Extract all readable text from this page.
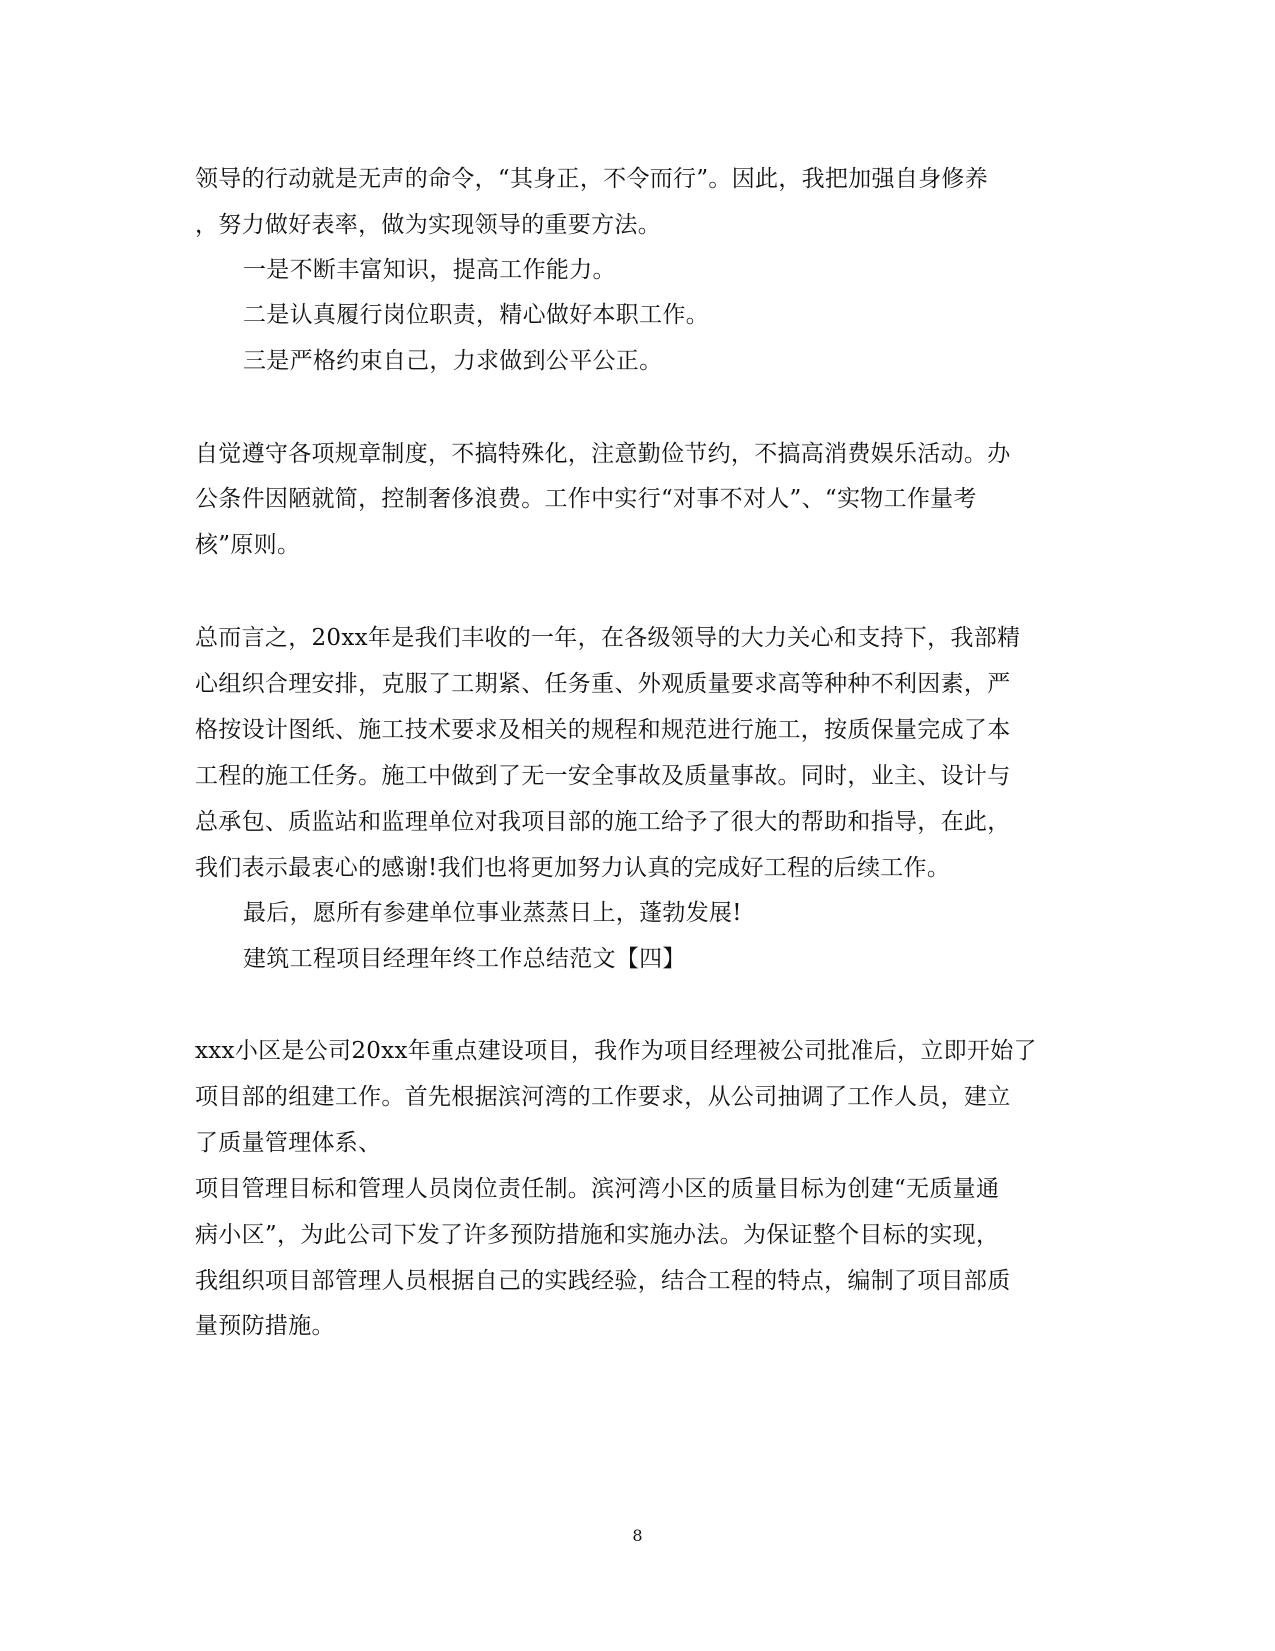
领导的行动就是无声的命令，“其身正，不令而行”。因此，我把加强自身修养
，努力做好表率，做为实现领导的重要方法。
一是不断丰富知识，提高工作能力。
二是认真履行岗位职责，精心做好本职工作。
三是严格约束自己，力求做到公平公正。
自觉遵守各项规章制度，不搞特殊化，注意勤俭节约，不搞高消费娱乐活动。办
公条件因陋就简，控制奢侈浪费。工作中实行“对事不对人”、“实物工作量考
核”原则。
总而言之，20xx年是我们丰收的一年，在各级领导的大力关心和支持下，我部精
心组织合理安排，克服了工期紧、任务重、外观质量要求高等种种不利因素，严
格按设计图纸、施工技术要求及相关的规程和规范进行施工，按质保量完成了本
工程的施工任务。施工中做到了无一安全事故及质量事故。同时，业主、设计与
总承包、质监站和监理单位对我项目部的施工给予了很大的帮助和指导，在此，
我们表示最衷心的感谢!我们也将更加努力认真的完成好工程的后续工作。
最后，愿所有参建单位事业蒸蒸日上，蓬勃发展!
建筑工程项目经理年终工作总结范文【四】
xxx小区是公司20xx年重点建设项目，我作为项目经理被公司批准后，立即开始了
项目部的组建工作。首先根据滨河湾的工作要求，从公司抽调了工作人员，建立
了质量管理体系、
项目管理目标和管理人员岗位责任制。滨河湾小区的质量目标为创建“无质量通
病小区”，为此公司下发了许多预防措施和实施办法。为保证整个目标的实现，
我组织项目部管理人员根据自己的实践经验，结合工程的特点，编制了项目部质
量预防措施。
8
